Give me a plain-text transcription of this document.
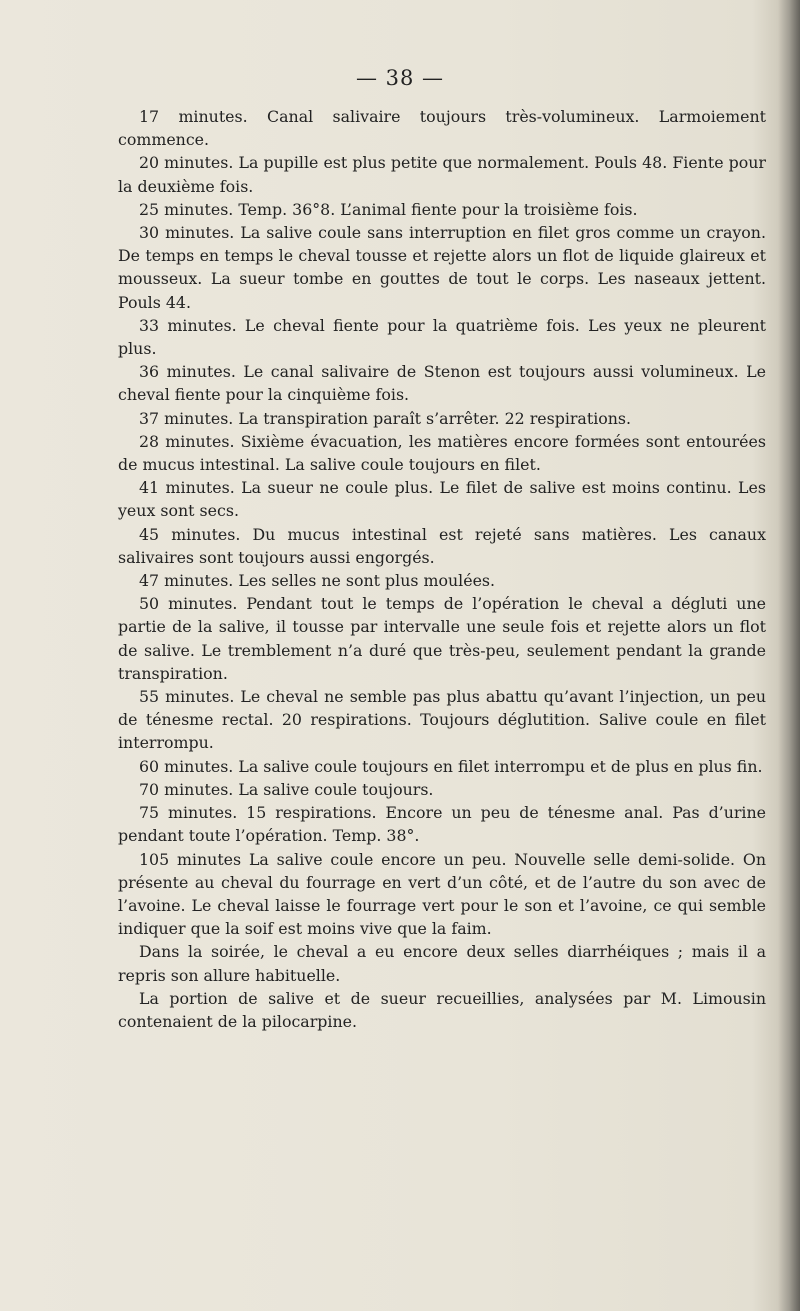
— 38 —

17 minutes. Canal salivaire toujours très-volumineux. Larmoiement commence.

20 minutes. La pupille est plus petite que normalement. Pouls 48. Fiente pour la deuxième fois.

25 minutes. Temp. 36°8. L’animal fiente pour la troisième fois.

30 minutes. La salive coule sans interruption en filet gros comme un crayon. De temps en temps le cheval tousse et rejette alors un flot de liquide glaireux et mousseux. La sueur tombe en gouttes de tout le corps. Les naseaux jettent. Pouls 44.

33 minutes. Le cheval fiente pour la quatrième fois. Les yeux ne pleurent plus.

36 minutes. Le canal salivaire de Stenon est toujours aussi volumineux. Le cheval fiente pour la cinquième fois.

37 minutes. La transpiration paraît s’arrêter. 22 respirations.

28 minutes. Sixième évacuation, les matières encore formées sont entourées de mucus intestinal. La salive coule toujours en filet.

41 minutes. La sueur ne coule plus. Le filet de salive est moins continu. Les yeux sont secs.

45 minutes. Du mucus intestinal est rejeté sans matières. Les canaux salivaires sont toujours aussi engorgés.

47 minutes. Les selles ne sont plus moulées.

50 minutes. Pendant tout le temps de l’opération le cheval a dégluti une partie de la salive, il tousse par intervalle une seule fois et rejette alors un flot de salive. Le tremblement n’a duré que très-peu, seulement pendant la grande transpiration.

55 minutes. Le cheval ne semble pas plus abattu qu’avant l’injection, un peu de ténesme rectal. 20 respirations. Toujours déglutition. Salive coule en filet interrompu.

60 minutes. La salive coule toujours en filet interrompu et de plus en plus fin.

70 minutes. La salive coule toujours.

75 minutes. 15 respirations. Encore un peu de ténesme anal. Pas d’urine pendant toute l’opération. Temp. 38°.

105 minutes La salive coule encore un peu. Nouvelle selle demi-solide. On présente au cheval du fourrage en vert d’un côté, et de l’autre du son avec de l’avoine. Le cheval laisse le fourrage vert pour le son et l’avoine, ce qui semble indiquer que la soif est moins vive que la faim.

Dans la soirée, le cheval a eu encore deux selles diarrhéiques ; mais il a repris son allure habituelle.

La portion de salive et de sueur recueillies, analysées par M. Limousin contenaient de la pilocarpine.
